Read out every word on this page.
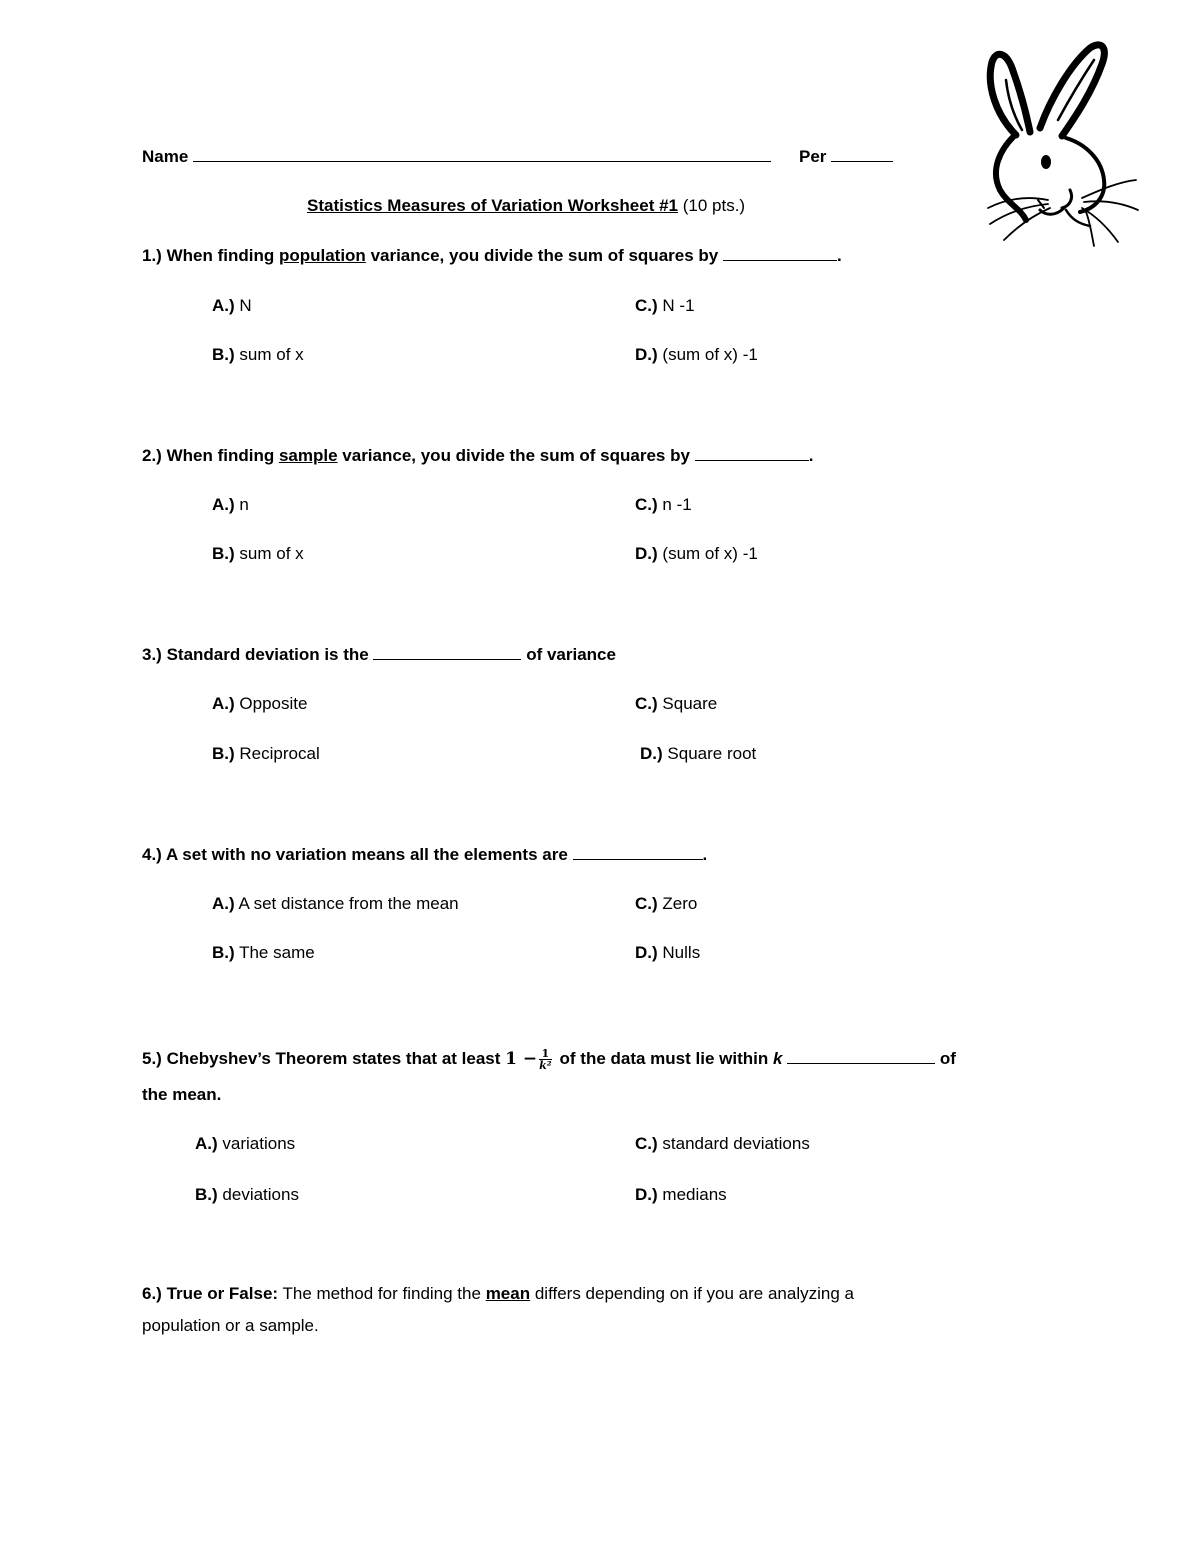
Name	Per
Statistics Measures of Variation Worksheet #1 (10 pts.)
1.) When finding population variance, you divide the sum of squares by	.
A.) N
B.) sum of x
C.) N -1
D.) (sum of x) -1
2.) When finding sample variance, you divide the sum of squares by	.
A.) n
B.) sum of x
C.) n -1
D.) (sum of x) -1
3.) Standard deviation is the	of variance
A.) Opposite
B.) Reciprocal
C.) Square
D.) Square root
4.) A set with no variation means all the elements are	.
A.) A set distance from the mean
B.) The same
C.) Zero
D.) Nulls
5.) Chebyshev’s Theorem states that at least $1 - \frac{1}{\text{k²}}$ of the data must lie within k	of
the mean.
A.) variations
B.) deviations
C.) standard deviations
D.) medians
6.) True or False: The method for finding the mean differs depending on if you are analyzing a
population or a sample.
